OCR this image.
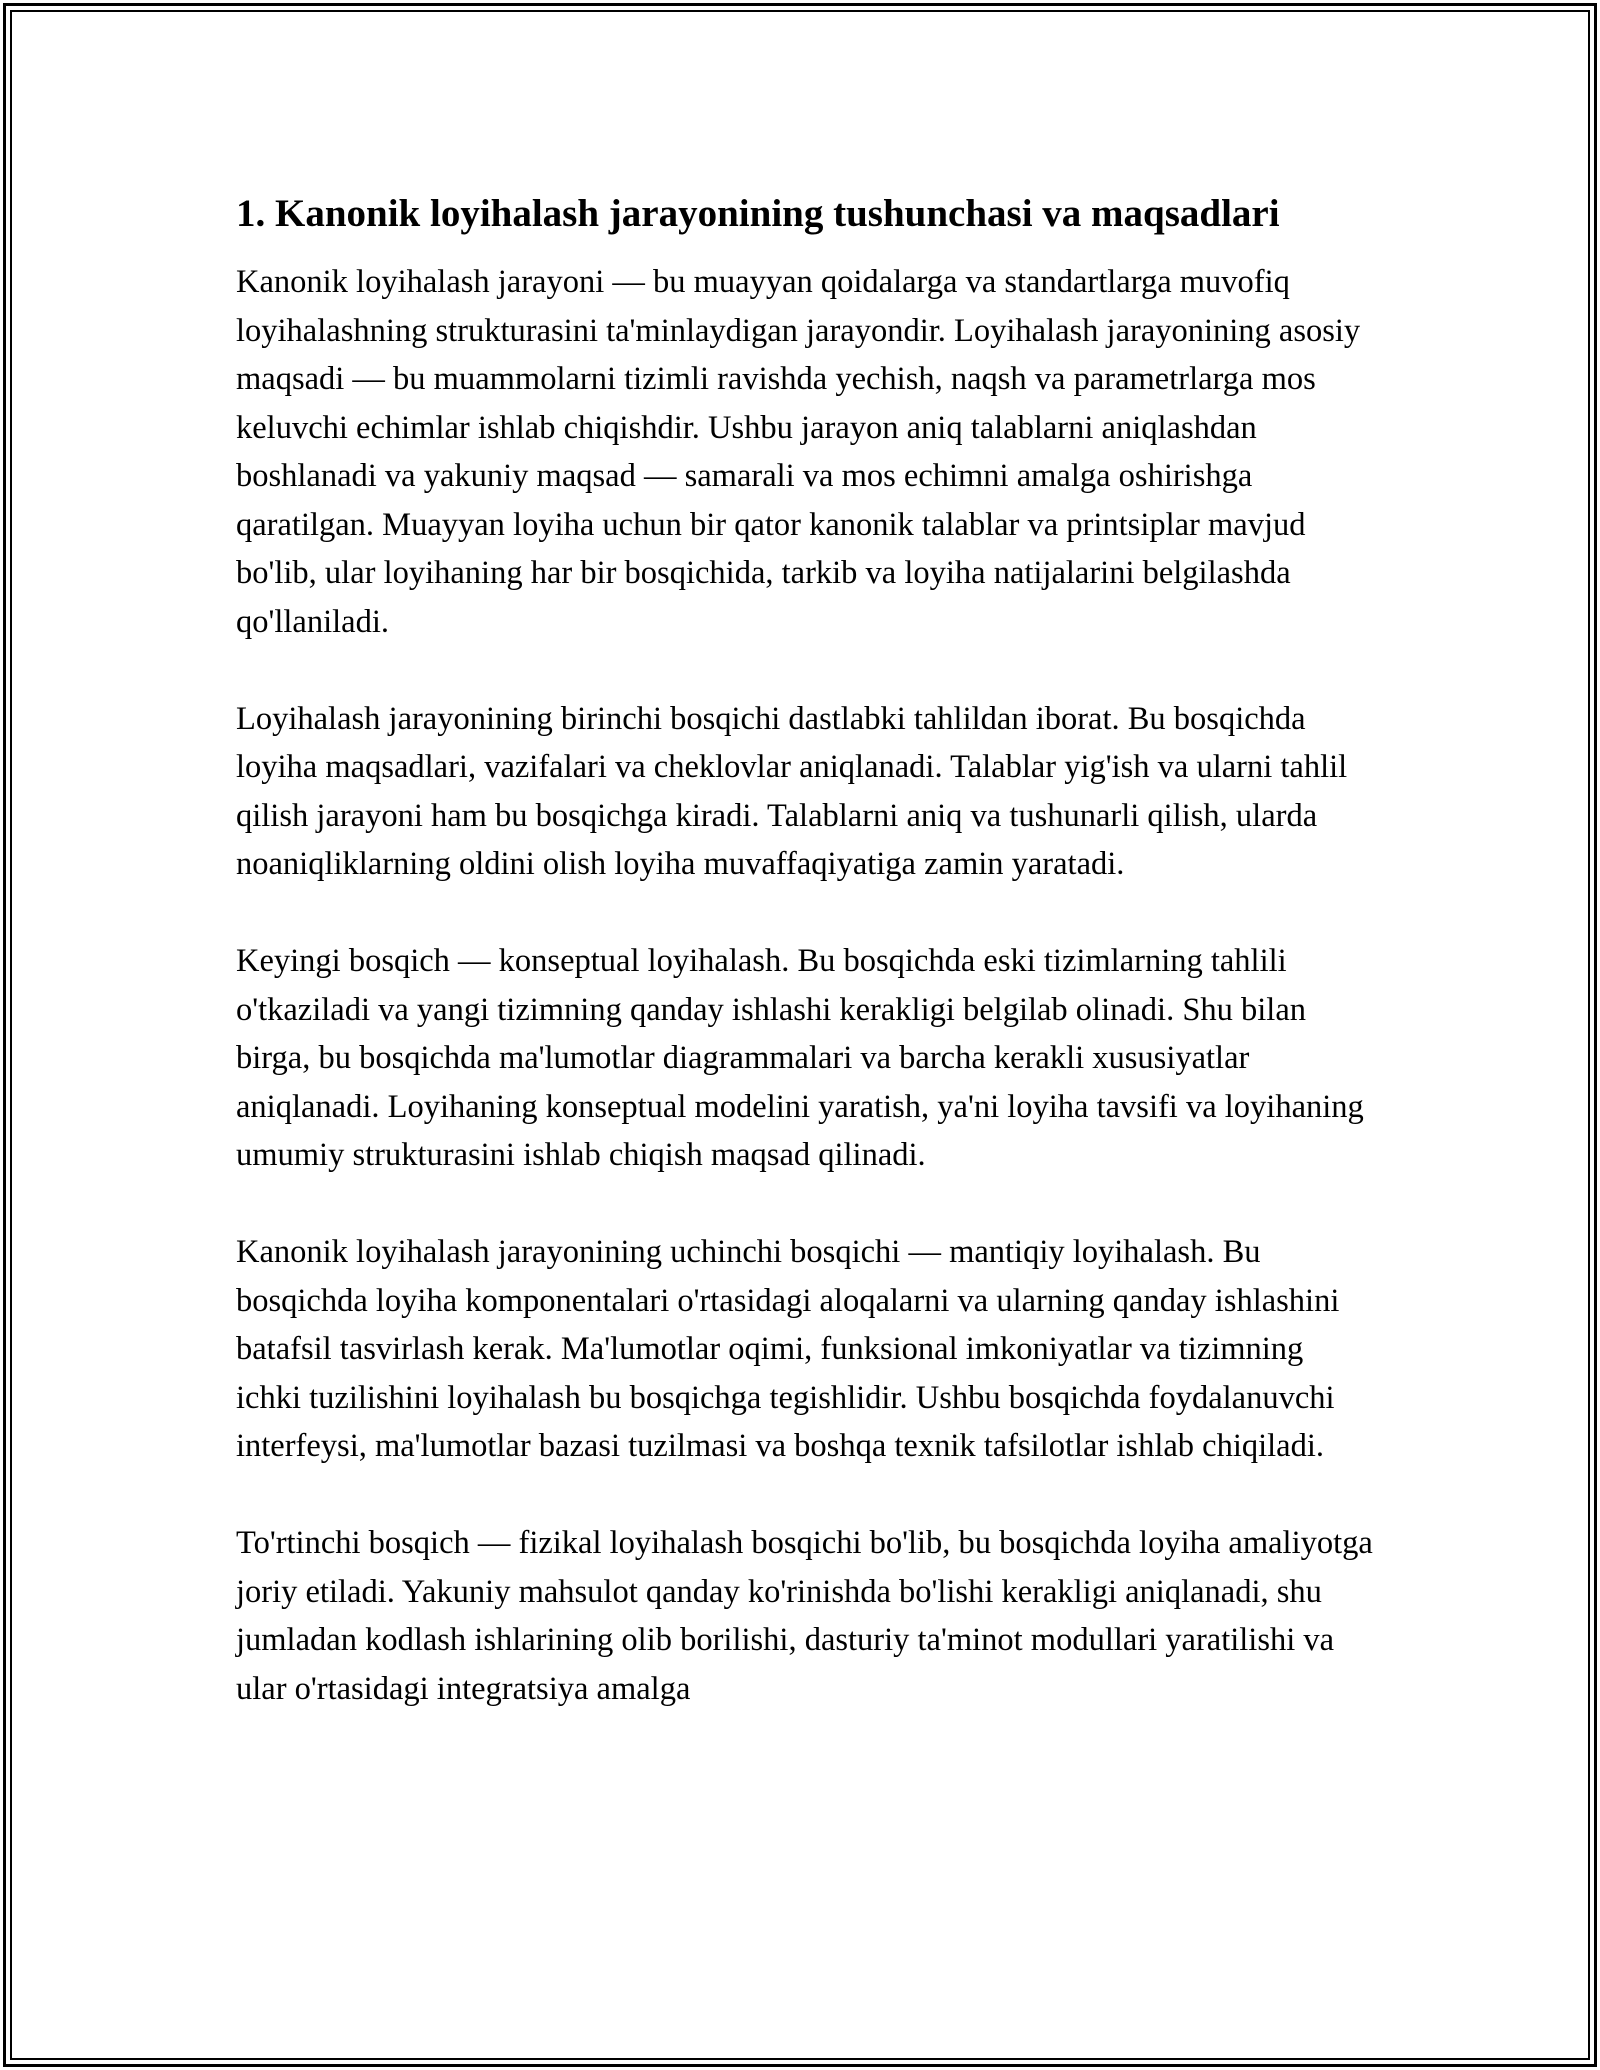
1. Kanonik loyihalash jarayonining tushunchasi va maqsadlari

Kanonik loyihalash jarayoni — bu muayyan qoidalarga va standartlarga muvofiq loyihalashning strukturasini ta'minlaydigan jarayondir. Loyihalash jarayonining asosiy maqsadi — bu muammolarni tizimli ravishda yechish, naqsh va parametrlarga mos keluvchi echimlar ishlab chiqishdir. Ushbu jarayon aniq talablarni aniqlashdan boshlanadi va yakuniy maqsad — samarali va mos echimni amalga oshirishga qaratilgan. Muayyan loyiha uchun bir qator kanonik talablar va printsiplar mavjud bo'lib, ular loyihaning har bir bosqichida, tarkib va loyiha natijalarini belgilashda qo'llaniladi.

Loyihalash jarayonining birinchi bosqichi dastlabki tahlildan iborat. Bu bosqichda loyiha maqsadlari, vazifalari va cheklovlar aniqlanadi. Talablar yig'ish va ularni tahlil qilish jarayoni ham bu bosqichga kiradi. Talablarni aniq va tushunarli qilish, ularda noaniqliklarning oldini olish loyiha muvaffaqiyatiga zamin yaratadi.

Keyingi bosqich — konseptual loyihalash. Bu bosqichda eski tizimlarning tahlili o'tkaziladi va yangi tizimning qanday ishlashi kerakligi belgilab olinadi. Shu bilan birga, bu bosqichda ma'lumotlar diagrammalari va barcha kerakli xususiyatlar aniqlanadi. Loyihaning konseptual modelini yaratish, ya'ni loyiha tavsifi va loyihaning umumiy strukturasini ishlab chiqish maqsad qilinadi.

Kanonik loyihalash jarayonining uchinchi bosqichi — mantiqiy loyihalash. Bu bosqichda loyiha komponentalari o'rtasidagi aloqalarni va ularning qanday ishlashini batafsil tasvirlash kerak. Ma'lumotlar oqimi, funksional imkoniyatlar va tizimning ichki tuzilishini loyihalash bu bosqichga tegishlidir. Ushbu bosqichda foydalanuvchi interfeysi, ma'lumotlar bazasi tuzilmasi va boshqa texnik tafsilotlar ishlab chiqiladi.

To'rtinchi bosqich — fizikal loyihalash bosqichi bo'lib, bu bosqichda loyiha amaliyotga joriy etiladi. Yakuniy mahsulot qanday ko'rinishda bo'lishi kerakligi aniqlanadi, shu jumladan kodlash ishlarining olib borilishi, dasturiy ta'minot modullari yaratilishi va ular o'rtasidagi integratsiya amalga
